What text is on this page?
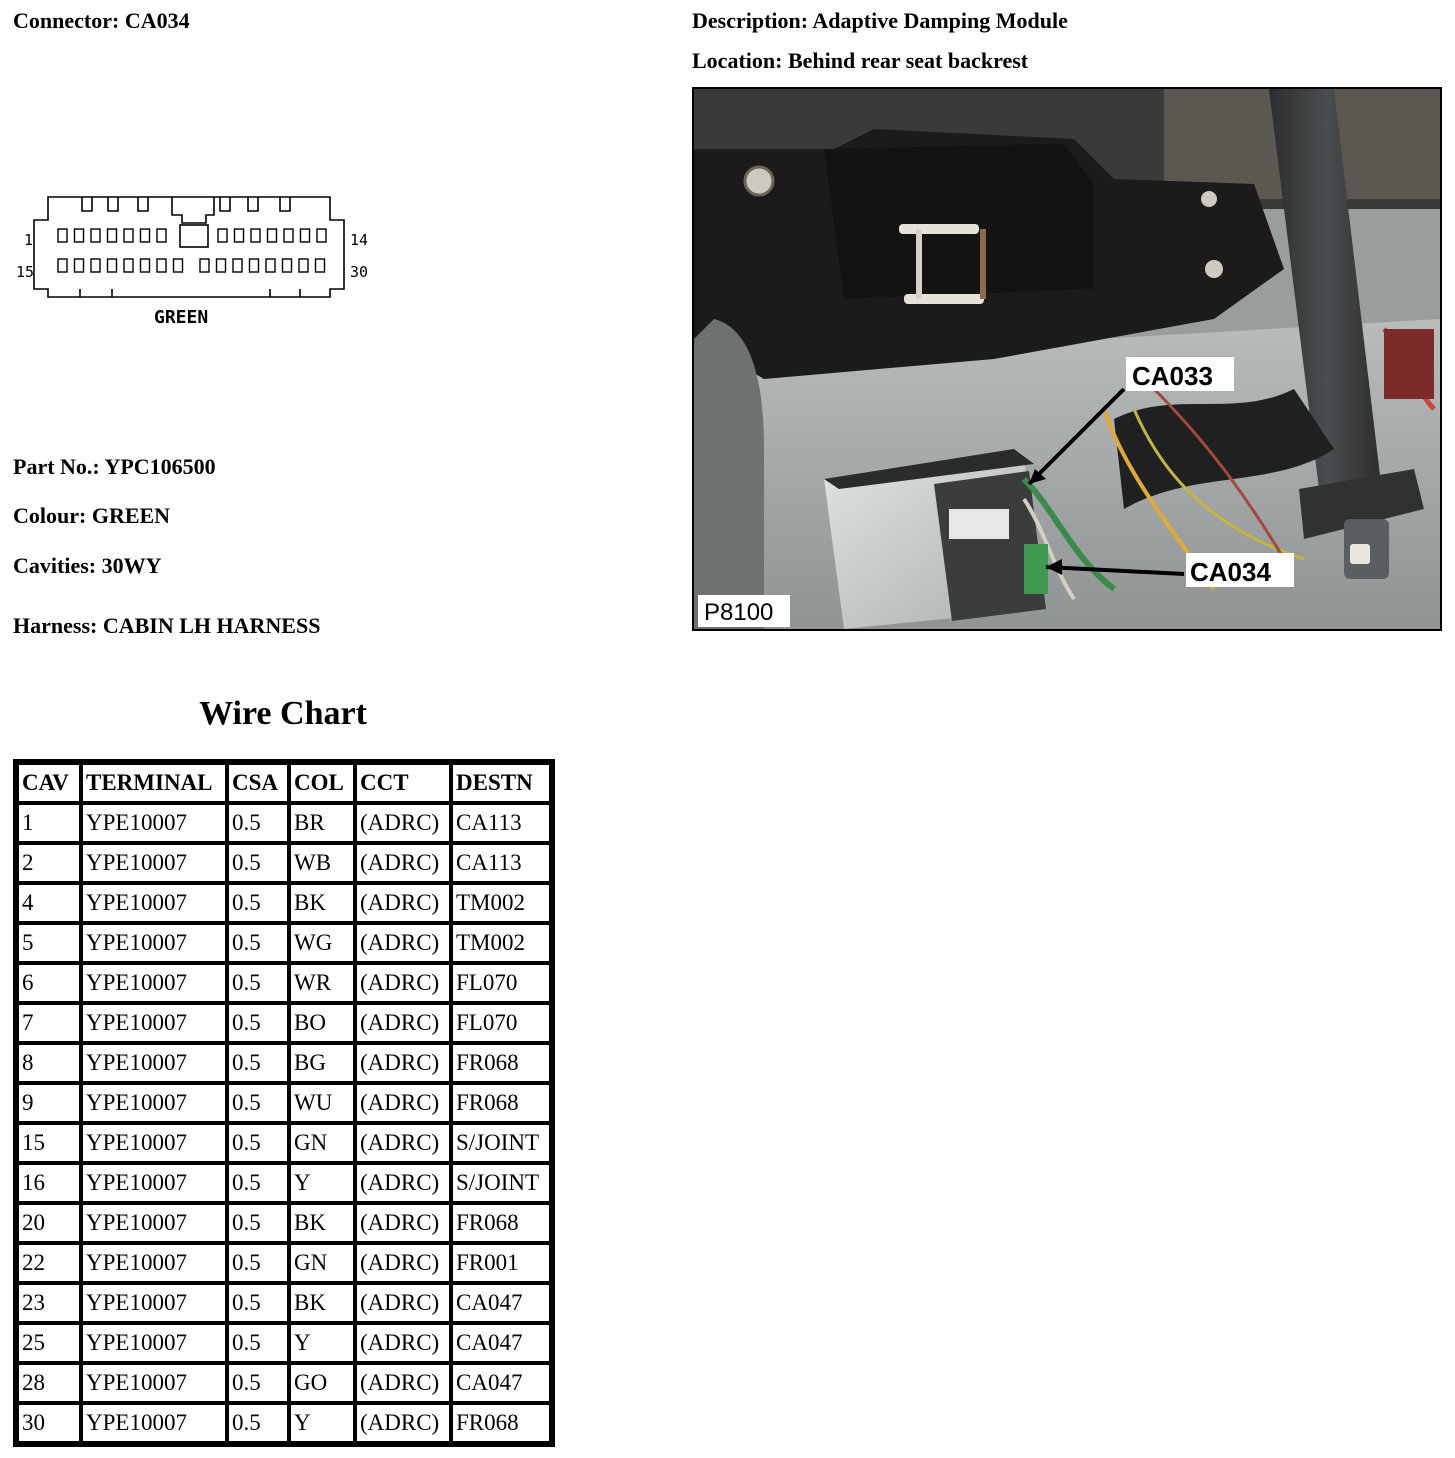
Connector: CA034	Description: Adaptive Damping Module
Location: Behind rear seat backrest
1	14
15	30
GREEN
Part No.: YPC106500
Colour: GREEN
Cavities: 30WY
Harness: CABIN LH HARNESS
CA033
CA034
P8100
Wire Chart
CAV	TERMINAL	CSA	COL	CCT	DESTN
1	YPE10007	0.5	BR	(ADRC)	CA113
2	YPE10007	0.5	WB	(ADRC)	CA113
4	YPE10007	0.5	BK	(ADRC)	TM002
5	YPE10007	0.5	WG	(ADRC)	TM002
6	YPE10007	0.5	WR	(ADRC)	FL070
7	YPE10007	0.5	BO	(ADRC)	FL070
8	YPE10007	0.5	BG	(ADRC)	FR068
9	YPE10007	0.5	WU	(ADRC)	FR068
15	YPE10007	0.5	GN	(ADRC)	S/JOINT
16	YPE10007	0.5	Y	(ADRC)	S/JOINT
20	YPE10007	0.5	BK	(ADRC)	FR068
22	YPE10007	0.5	GN	(ADRC)	FR001
23	YPE10007	0.5	BK	(ADRC)	CA047
25	YPE10007	0.5	Y	(ADRC)	CA047
28	YPE10007	0.5	GO	(ADRC)	CA047
30	YPE10007	0.5	Y	(ADRC)	FR068
